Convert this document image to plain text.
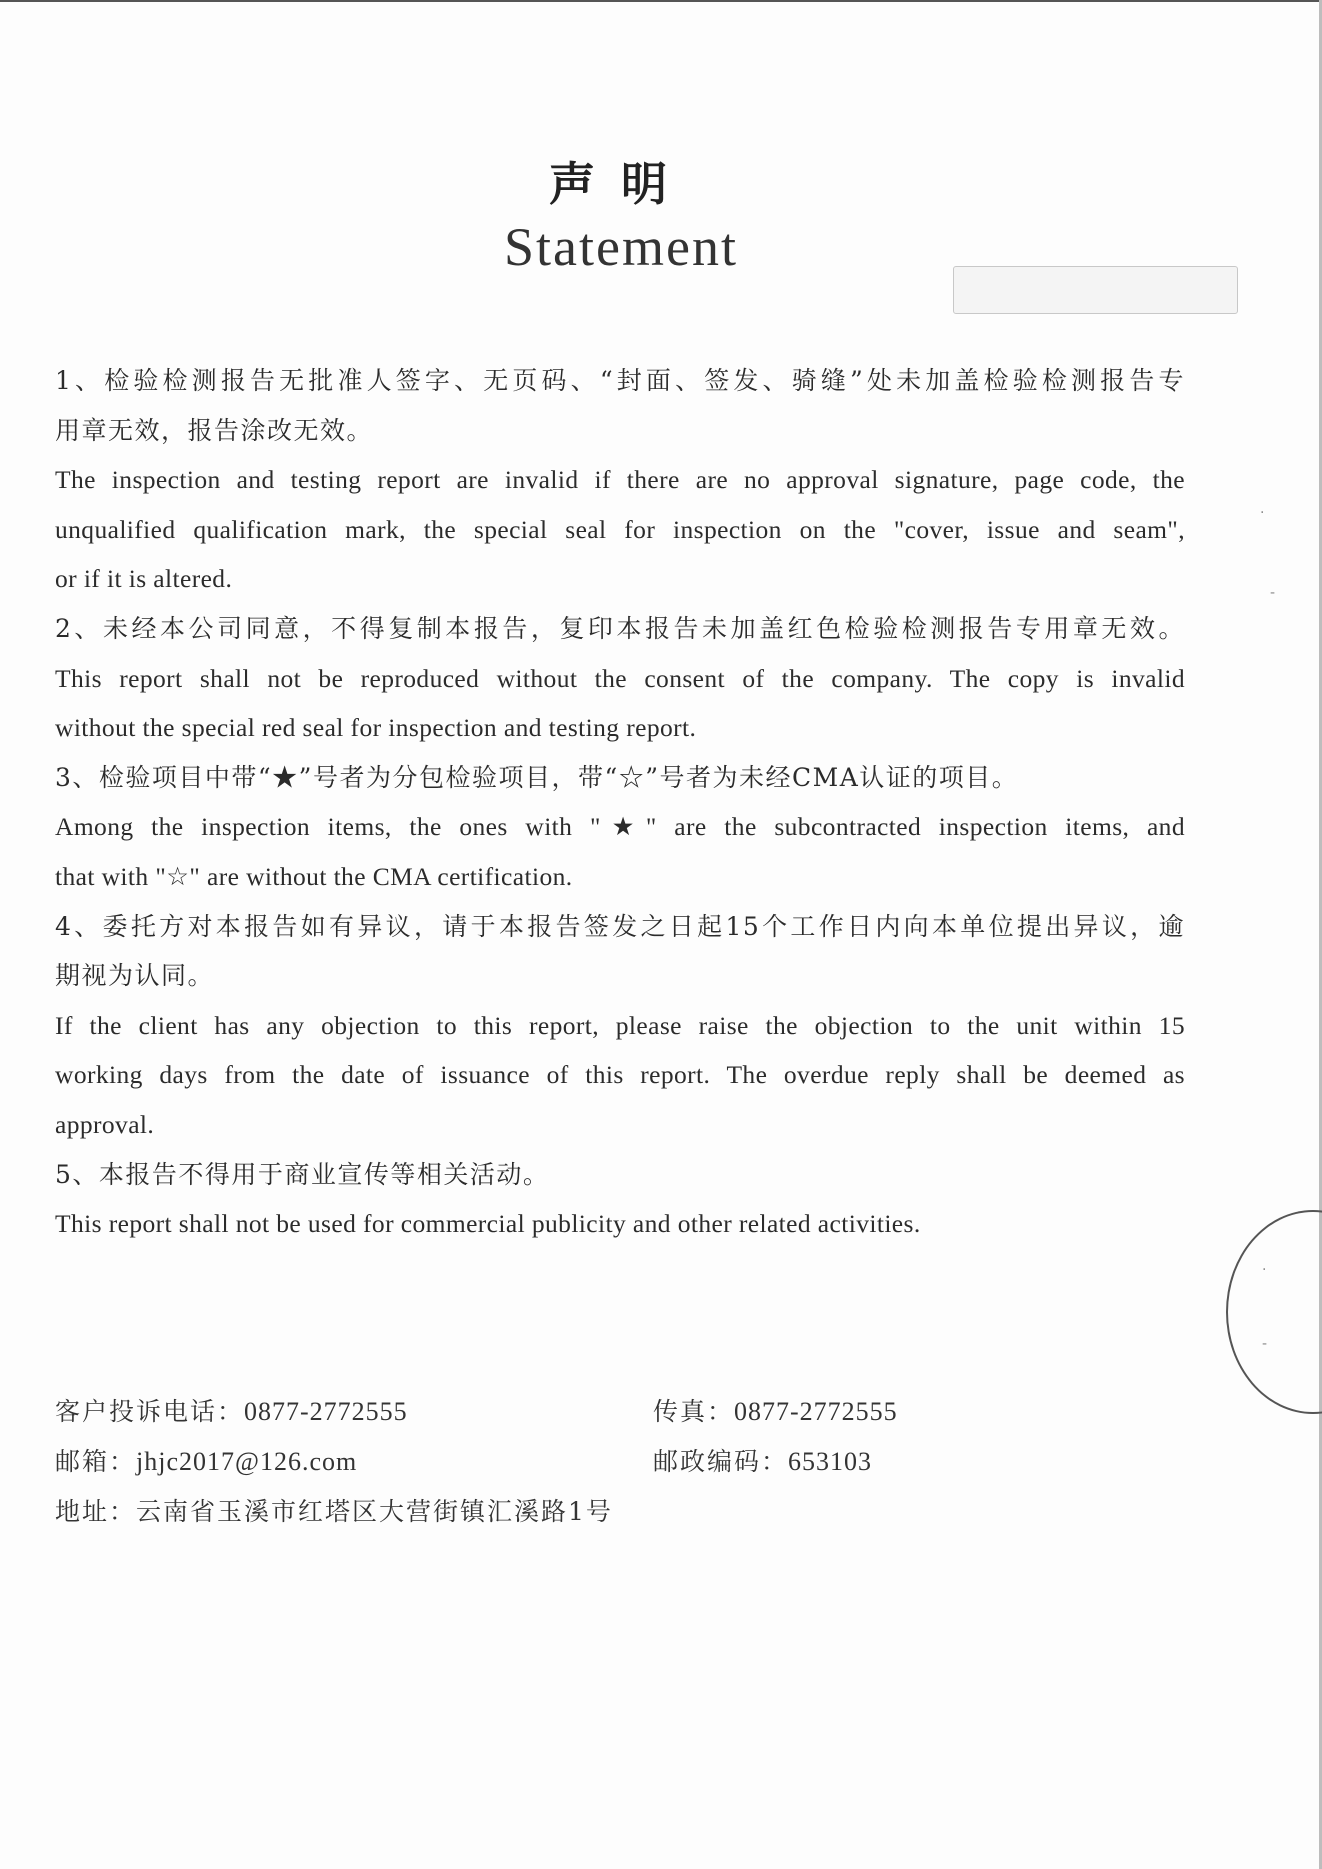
声明
Statement
1、检验检测报告无批准人签字、无页码、“封面、签发、骑缝”处未加盖检验检测报告专
用章无效，报告涂改无效。
The inspection and testing report are invalid if there are no approval signature, page code, the
unqualified qualification mark, the special seal for inspection on the "cover, issue and seam",
or if it is altered.
2、未经本公司同意，不得复制本报告，复印本报告未加盖红色检验检测报告专用章无效。
This report shall not be reproduced without the consent of the company. The copy is invalid
without the special red seal for inspection and testing report.
3、检验项目中带“★”号者为分包检验项目，带“☆”号者为未经CMA认证的项目。
Among the inspection items, the ones with "★" are the subcontracted inspection items, and
that with "☆" are without the CMA certification.
4、委托方对本报告如有异议，请于本报告签发之日起15个工作日内向本单位提出异议，逾
期视为认同。
If the client has any objection to this report, please raise the objection to the unit within 15
working days from the date of issuance of this report. The overdue reply shall be deemed as
approval.
5、本报告不得用于商业宣传等相关活动。
This report shall not be used for commercial publicity and other related activities.
客户投诉电话：0877-2772555	传真：0877-2772555
邮箱：jhjc2017@126.com	邮政编码：653103
地址：云南省玉溪市红塔区大营街镇汇溪路1号
·
-
·
-
